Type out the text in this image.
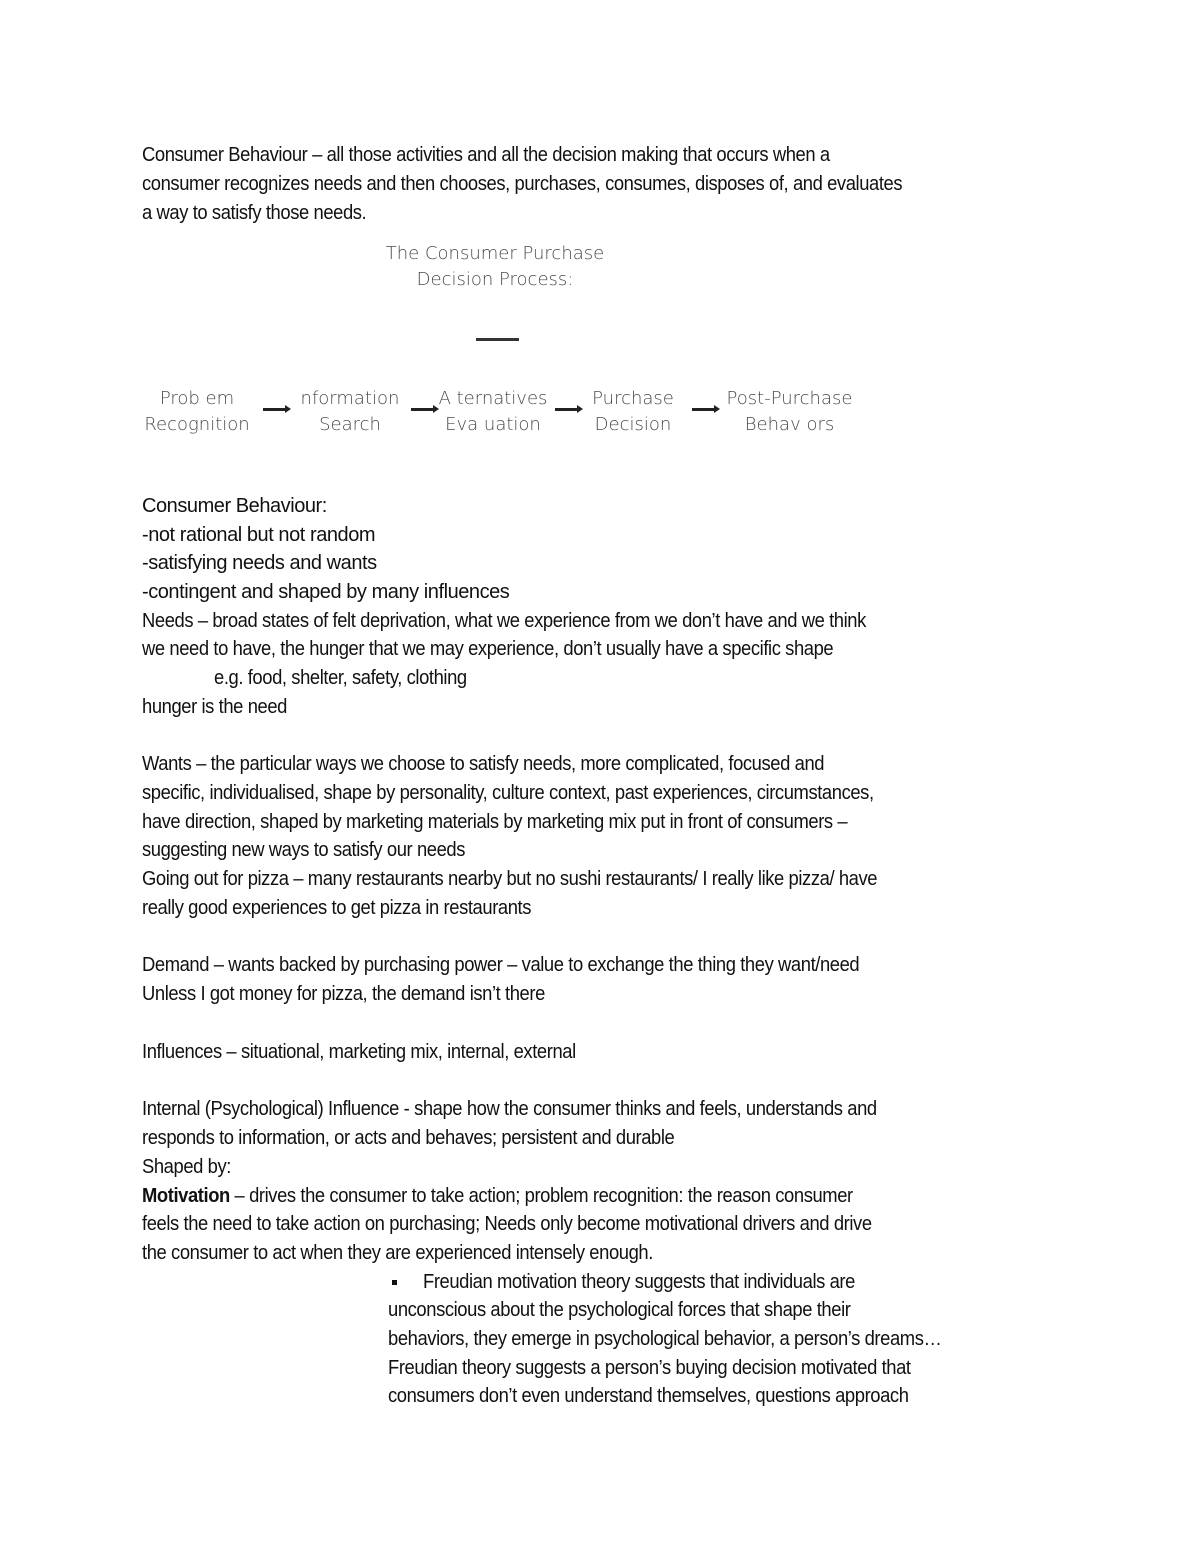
Consumer Behaviour – all those activities and all the decision making that occurs when a
consumer recognizes needs and then chooses, purchases, consumes, disposes of, and evaluates
a way to satisfy those needs.
The Consumer Purchase
Decision Process:
Prob em
Recognition
nformation
Search
A ternatives
Eva uation
Purchase
Decision
Post-Purchase
Behav ors
Consumer Behaviour:
-not rational but not random
-satisfying needs and wants
-contingent and shaped by many influences
Needs – broad states of felt deprivation, what we experience from we don’t have and we think
we need to have, the hunger that we may experience, don’t usually have a specific shape
e.g. food, shelter, safety, clothing
hunger is the need
Wants – the particular ways we choose to satisfy needs, more complicated, focused and
specific, individualised, shape by personality, culture context, past experiences, circumstances,
have direction, shaped by marketing materials by marketing mix put in front of consumers –
suggesting new ways to satisfy our needs
Going out for pizza – many restaurants nearby but no sushi restaurants/ I really like pizza/ have
really good experiences to get pizza in restaurants
Demand – wants backed by purchasing power – value to exchange the thing they want/need
Unless I got money for pizza, the demand isn’t there
Influences – situational, marketing mix, internal, external
Internal (Psychological) Influence - shape how the consumer thinks and feels, understands and
responds to information, or acts and behaves; persistent and durable
Shaped by:
Motivation – drives the consumer to take action; problem recognition: the reason consumer
feels the need to take action on purchasing; Needs only become motivational drivers and drive
the consumer to act when they are experienced intensely enough.
Freudian motivation theory suggests that individuals are
unconscious about the psychological forces that shape their
behaviors, they emerge in psychological behavior, a person’s dreams…
Freudian theory suggests a person’s buying decision motivated that
consumers don’t even understand themselves, questions approach
